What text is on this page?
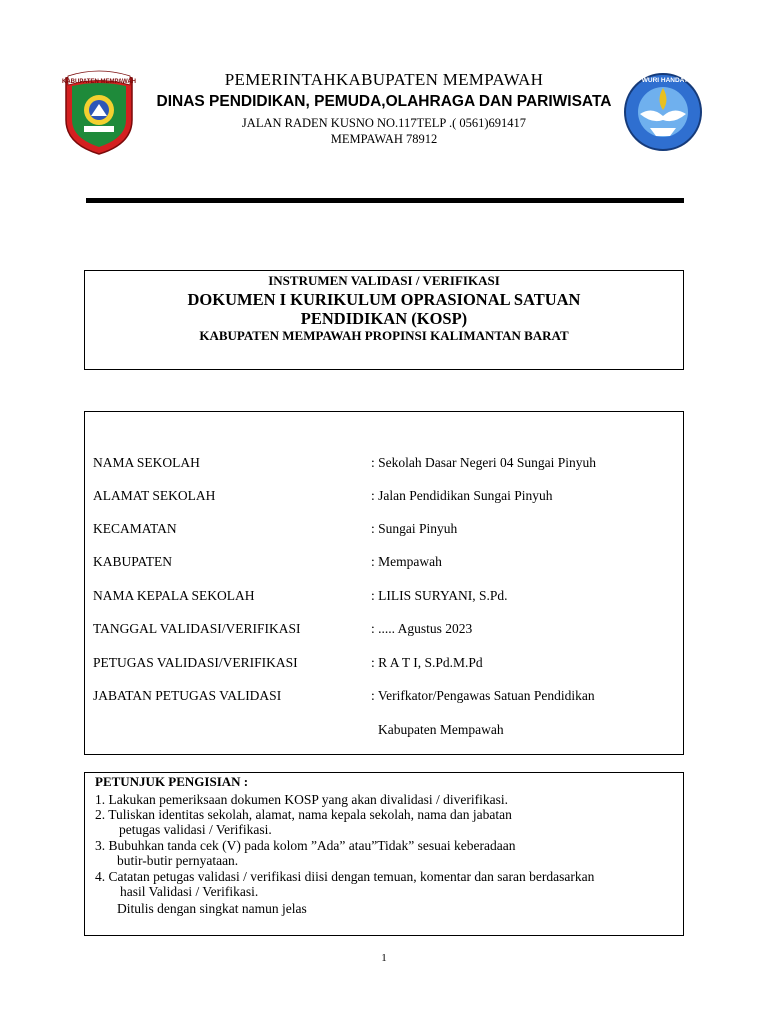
KABUPATEN MEMPAWAH	TUT WURI HANDAYANI
PEMERINTAHKABUPATEN MEMPAWAH
DINAS PENDIDIKAN, PEMUDA,OLAHRAGA DAN PARIWISATA
JALAN RADEN KUSNO NO.117TELP .( 0561)691417
MEMPAWAH 78912
INSTRUMEN VALIDASI / VERIFIKASI
DOKUMEN I KURIKULUM OPRASIONAL SATUAN
PENDIDIKAN (KOSP)
KABUPATEN MEMPAWAH PROPINSI KALIMANTAN BARAT
NAMA SEKOLAH	: Sekolah Dasar Negeri 04 Sungai Pinyuh
ALAMAT SEKOLAH	: Jalan Pendidikan Sungai Pinyuh
KECAMATAN	: Sungai Pinyuh
KABUPATEN	: Mempawah
NAMA KEPALA SEKOLAH	: LILIS SURYANI, S.Pd.
TANGGAL VALIDASI/VERIFIKASI	: ..... Agustus 2023
PETUGAS VALIDASI/VERIFIKASI	: R A T I, S.Pd.M.Pd
JABATAN PETUGAS VALIDASI	: Verifkator/Pengawas Satuan Pendidikan
Kabupaten Mempawah
PETUNJUK PENGISIAN :
1. Lakukan pemeriksaan dokumen KOSP yang akan divalidasi / diverifikasi.
2. Tuliskan identitas sekolah, alamat, nama kepala sekolah, nama dan jabatan
petugas validasi / Verifikasi.
3. Bubuhkan tanda cek (V) pada kolom ”Ada” atau”Tidak” sesuai keberadaan
butir-butir pernyataan.
4. Catatan petugas validasi / verifikasi diisi dengan temuan, komentar dan saran berdasarkan
hasil Validasi / Verifikasi.
Ditulis dengan singkat namun jelas
1
